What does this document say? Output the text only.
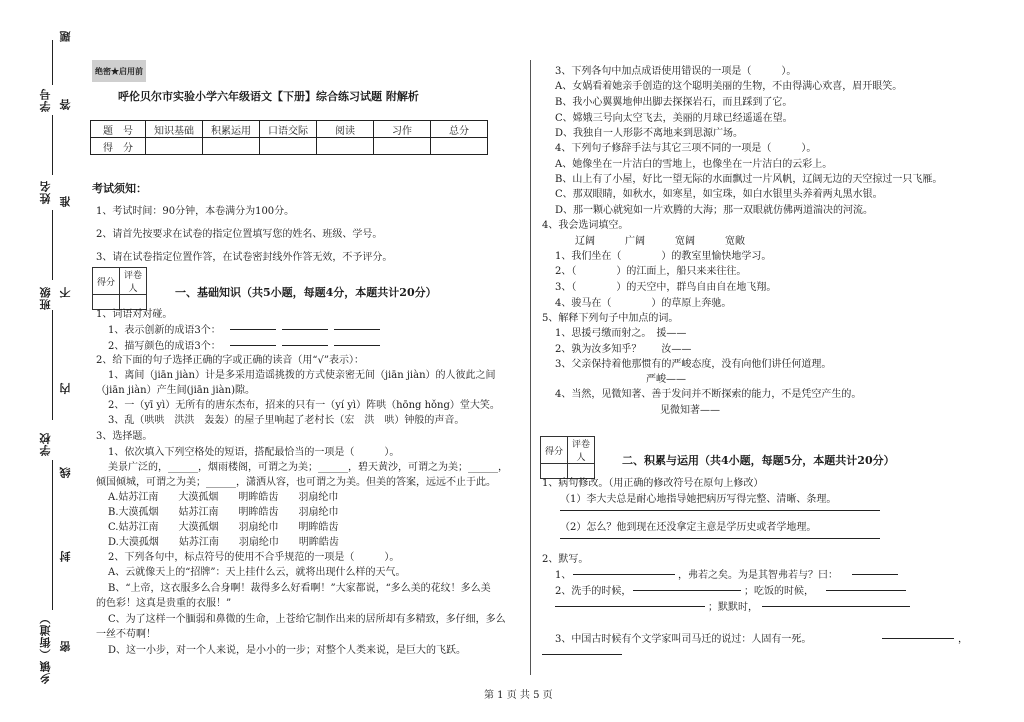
题
学号 答
姓名 准
班级 不
内
学校
线
封
乡镇（街道） 密
绝密★启用前
呼伦贝尔市实验小学六年级语文【下册】综合练习试题 附解析
题　号	知识基础	积累运用	口语交际	阅读	习作	总分
得　分						
考试须知：
1、考试时间：90分钟，本卷满分为100分。
2、请首先按要求在试卷的指定位置填写您的姓名、班级、学号。
3、请在试卷指定位置作答，在试卷密封线外作答无效，不予评分。
得分	评卷人
		一、基础知识（共5小题，每题4分，本题共计20分）
1、词语对对碰。
1、表示创新的成语3个：
2、描写颜色的成语3个：
2、给下面的句子选择正确的字或正确的读音（用“√”表示）：
1、离间（jiān jiàn）计是多采用造谣挑拨的方式使亲密无间（jiān jiàn）的人彼此之间
（jiān jiàn）产生间(jiān jiàn)隙。
2、一（yī yì）无所有的唐东杰布，招来的只有一（yí yì）阵哄（hōng hǒng）堂大笑。
3、乱（哄哄　洪洪　轰轰）的屋子里响起了老村长（宏　洪　哄）钟般的声音。
3、选择题。
1、依次填入下列空格处的短语，搭配最恰当的一项是（　　　）。
美景广泛的，______，烟雨楼阁，可谓之为美；______，碧天黄沙，可谓之为美；______，
倾国倾城，可谓之为美；______，潇洒从容，也可谓之为美。但美的答案，远远不止于此。
A.姑苏江南　　大漠孤烟　　明眸皓齿　　羽扇纶巾
B.大漠孤烟　　姑苏江南　　明眸皓齿　　羽扇纶巾
C.姑苏江南　　大漠孤烟　　羽扇纶巾　　明眸皓齿
D.大漠孤烟　　姑苏江南　　羽扇纶巾　　明眸皓齿
2、下列各句中，标点符号的使用不合乎规范的一项是（　　　）。
A、云就像天上的“招牌”：天上挂什么云，就将出现什么样的天气。
B、“上帝，这衣服多么合身啊！裁得多么好看啊！”大家都说，“多么美的花纹！多么美
的色彩！这真是贵重的衣服！”
C、为了这样一个腼弱和鼻微的生命，上苍给它制作出来的居所却有多精致，多仔细，多么
一丝不苟啊！
D、这一小步，对一个人来说，是小小的一步；对整个人类来说，是巨大的飞跃。
3、下列各句中加点成语使用错误的一项是（　　　）。
A、女娲看着她亲手创造的这个聪明美丽的生物，不由得满心欢喜，眉开眼笑。
B、我小心翼翼地伸出脚去探探岩石，而且踩到了它。
C、嫦娥三号向太空飞去，美丽的月球已经遥遥在望。
D、我独自一人形影不离地来到思源广场。
4、下列句子修辞手法与其它三项不同的一项是（　　　）。
A、她像坐在一片洁白的雪地上，也像坐在一片洁白的云彩上。
B、山上有了小屋，好比一望无际的水面飘过一片风帆，辽阔无边的天空掠过一只飞雁。
C、那双眼睛，如秋水，如寒星，如宝珠，如白水银里头养着两丸黑水银。
D、那一颗心就宛如一片欢腾的大海；那一双眼就仿佛两道湍决的河流。
4、我会选词填空。
辽阔　　　广阔　　　宽阔　　　宽敞
1、我们坐在（　　　　）的教室里愉快地学习。
2、（　　　　）的江面上，船只来来往往。
3、（　　　　）的天空中，群鸟自由自在地飞翔。
4、骏马在（　　　　）的草原上奔驰。
5、解释下列句子中加点的词。
1、思援弓缴而射之。　援——
2、孰为汝多知乎？　　汝——
3、父亲保持着他那惯有的严峻态度，没有向他们讲任何道理。
严峻——
4、当然，见微知著、善于发问并不断探索的能力，不是凭空产生的。
见微知著——
得分	评卷人
		二、积累与运用（共4小题，每题5分，本题共计20分）
1、病句修改。（用正确的修改符号在原句上修改）
（1）李大夫总是耐心地指导她把病历写得完整、清晰、条理。
（2）怎么？他到现在还没拿定主意是学历史或者学地理。
2、默写。
1、	，弗若之矣。为是其智弗若与？曰：
2、洗手的时候，	；吃饭的时候，
；默默时，
3、中国古时候有个文学家叫司马迁的说过：人固有一死。	，
第 1 页 共 5 页
